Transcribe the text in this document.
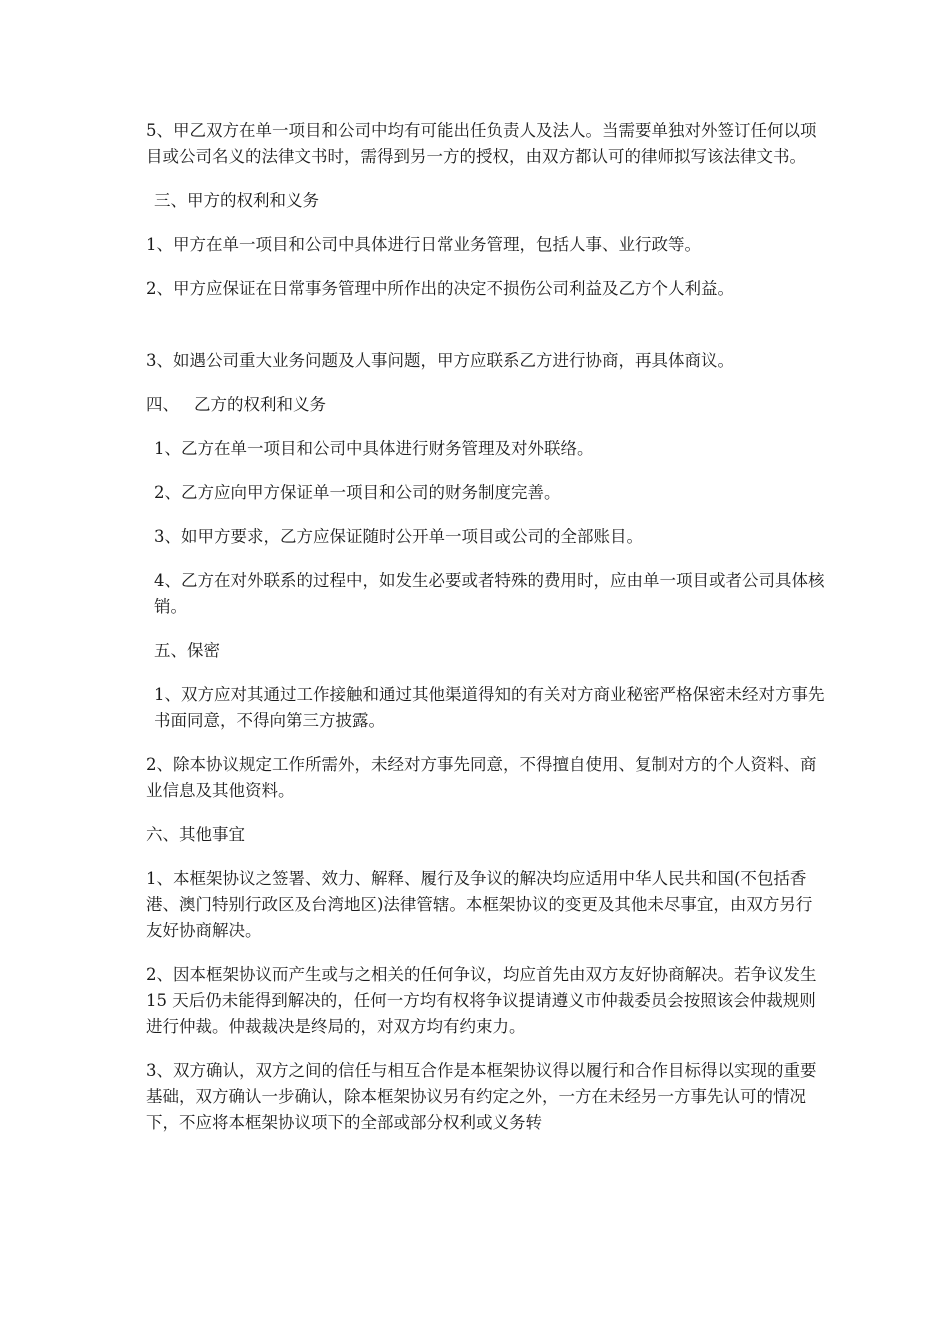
5、甲乙双方在单一项目和公司中均有可能出任负责人及法人。当需要单独对外签订任何以项目或公司名义的法律文书时，需得到另一方的授权，由双方都认可的律师拟写该法律文书。

三、甲方的权利和义务

1、甲方在单一项目和公司中具体进行日常业务管理，包括人事、业行政等。

2、甲方应保证在日常事务管理中所作出的决定不损伤公司利益及乙方个人利益。

3、如遇公司重大业务问题及人事问题，甲方应联系乙方进行协商，再具体商议。

四、 乙方的权利和义务

1、乙方在单一项目和公司中具体进行财务管理及对外联络。

2、乙方应向甲方保证单一项目和公司的财务制度完善。

3、如甲方要求，乙方应保证随时公开单一项目或公司的全部账目。

4、乙方在对外联系的过程中，如发生必要或者特殊的费用时，应由单一项目或者公司具体核销。

五、保密

1、双方应对其通过工作接触和通过其他渠道得知的有关对方商业秘密严格保密未经对方事先书面同意，不得向第三方披露。

2、除本协议规定工作所需外，未经对方事先同意，不得擅自使用、复制对方的个人资料、商业信息及其他资料。

六、其他事宜

1、本框架协议之签署、效力、解释、履行及争议的解决均应适用中华人民共和国(不包括香港、澳门特别行政区及台湾地区)法律管辖。本框架协议的变更及其他未尽事宜，由双方另行友好协商解决。

2、因本框架协议而产生或与之相关的任何争议，均应首先由双方友好协商解决。若争议发生 15 天后仍未能得到解决的，任何一方均有权将争议提请遵义市仲裁委员会按照该会仲裁规则进行仲裁。仲裁裁决是终局的，对双方均有约束力。

3、双方确认，双方之间的信任与相互合作是本框架协议得以履行和合作目标得以实现的重要基础，双方确认一步确认，除本框架协议另有约定之外，一方在未经另一方事先认可的情况下，不应将本框架协议项下的全部或部分权利或义务转
